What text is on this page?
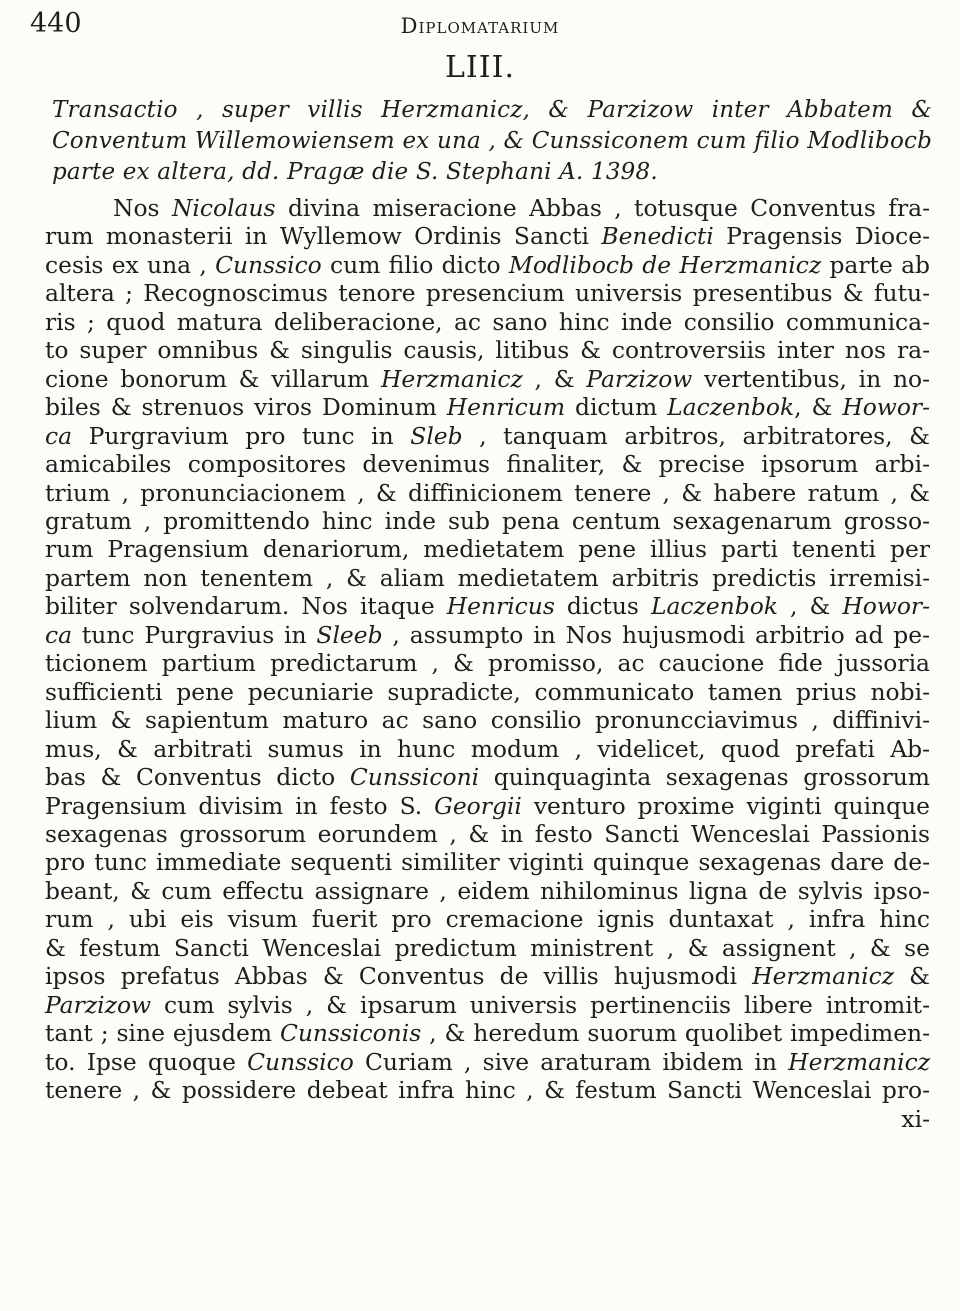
440	Diplomatarium
LIII.
Transactio , super villis Herzmanicz, & Parzizow inter Abbatem &
Conventum Willemowiensem ex una , & Cunssiconem cum filio Modlibocb
parte ex altera, dd. Pragæ die S. Stephani A. 1398.
Nos Nicolaus divina miseracione Abbas , totusque Conventus fra-
rum monasterii in Wyllemow Ordinis Sancti Benedicti Pragensis Dioce-
cesis ex una , Cunssico cum filio dicto Modlibocb de Herzmanicz parte ab
altera ; Recognoscimus tenore presencium universis presentibus & futu-
ris ; quod matura deliberacione, ac sano hinc inde consilio communica-
to super omnibus & singulis causis, litibus & controversiis inter nos ra-
cione bonorum & villarum Herzmanicz , & Parzizow vertentibus, in no-
biles & strenuos viros Dominum Henricum dictum Laczenbok, & Howor-
ca Purgravium pro tunc in Sleb , tanquam arbitros, arbitratores, &
amicabiles compositores devenimus finaliter, & precise ipsorum arbi-
trium , pronunciacionem , & diffinicionem tenere , & habere ratum , &
gratum , promittendo hinc inde sub pena centum sexagenarum grosso-
rum Pragensium denariorum, medietatem pene illius parti tenenti per
partem non tenentem , & aliam medietatem arbitris predictis irremisi-
biliter solvendarum. Nos itaque Henricus dictus Laczenbok , & Howor-
ca tunc Purgravius in Sleeb , assumpto in Nos hujusmodi arbitrio ad pe-
ticionem partium predictarum , & promisso, ac caucione fide jussoria
sufficienti pene pecuniarie supradicte, communicato tamen prius nobi-
lium & sapientum maturo ac sano consilio pronuncciavimus , diffinivi-
mus, & arbitrati sumus in hunc modum , videlicet, quod prefati Ab-
bas & Conventus dicto Cunssiconi quinquaginta sexagenas grossorum
Pragensium divisim in festo S. Georgii venturo proxime viginti quinque
sexagenas grossorum eorundem , & in festo Sancti Wenceslai Passionis
pro tunc immediate sequenti similiter viginti quinque sexagenas dare de-
beant, & cum effectu assignare , eidem nihilominus ligna de sylvis ipso-
rum , ubi eis visum fuerit pro cremacione ignis duntaxat , infra hinc
& festum Sancti Wenceslai predictum ministrent , & assignent , & se
ipsos prefatus Abbas & Conventus de villis hujusmodi Herzmanicz &
Parzizow cum sylvis , & ipsarum universis pertinenciis libere intromit-
tant ; sine ejusdem Cunssiconis , & heredum suorum quolibet impedimen-
to. Ipse quoque Cunssico Curiam , sive araturam ibidem in Herzmanicz
tenere , & possidere debeat infra hinc , & festum Sancti Wenceslai pro-
xi-
